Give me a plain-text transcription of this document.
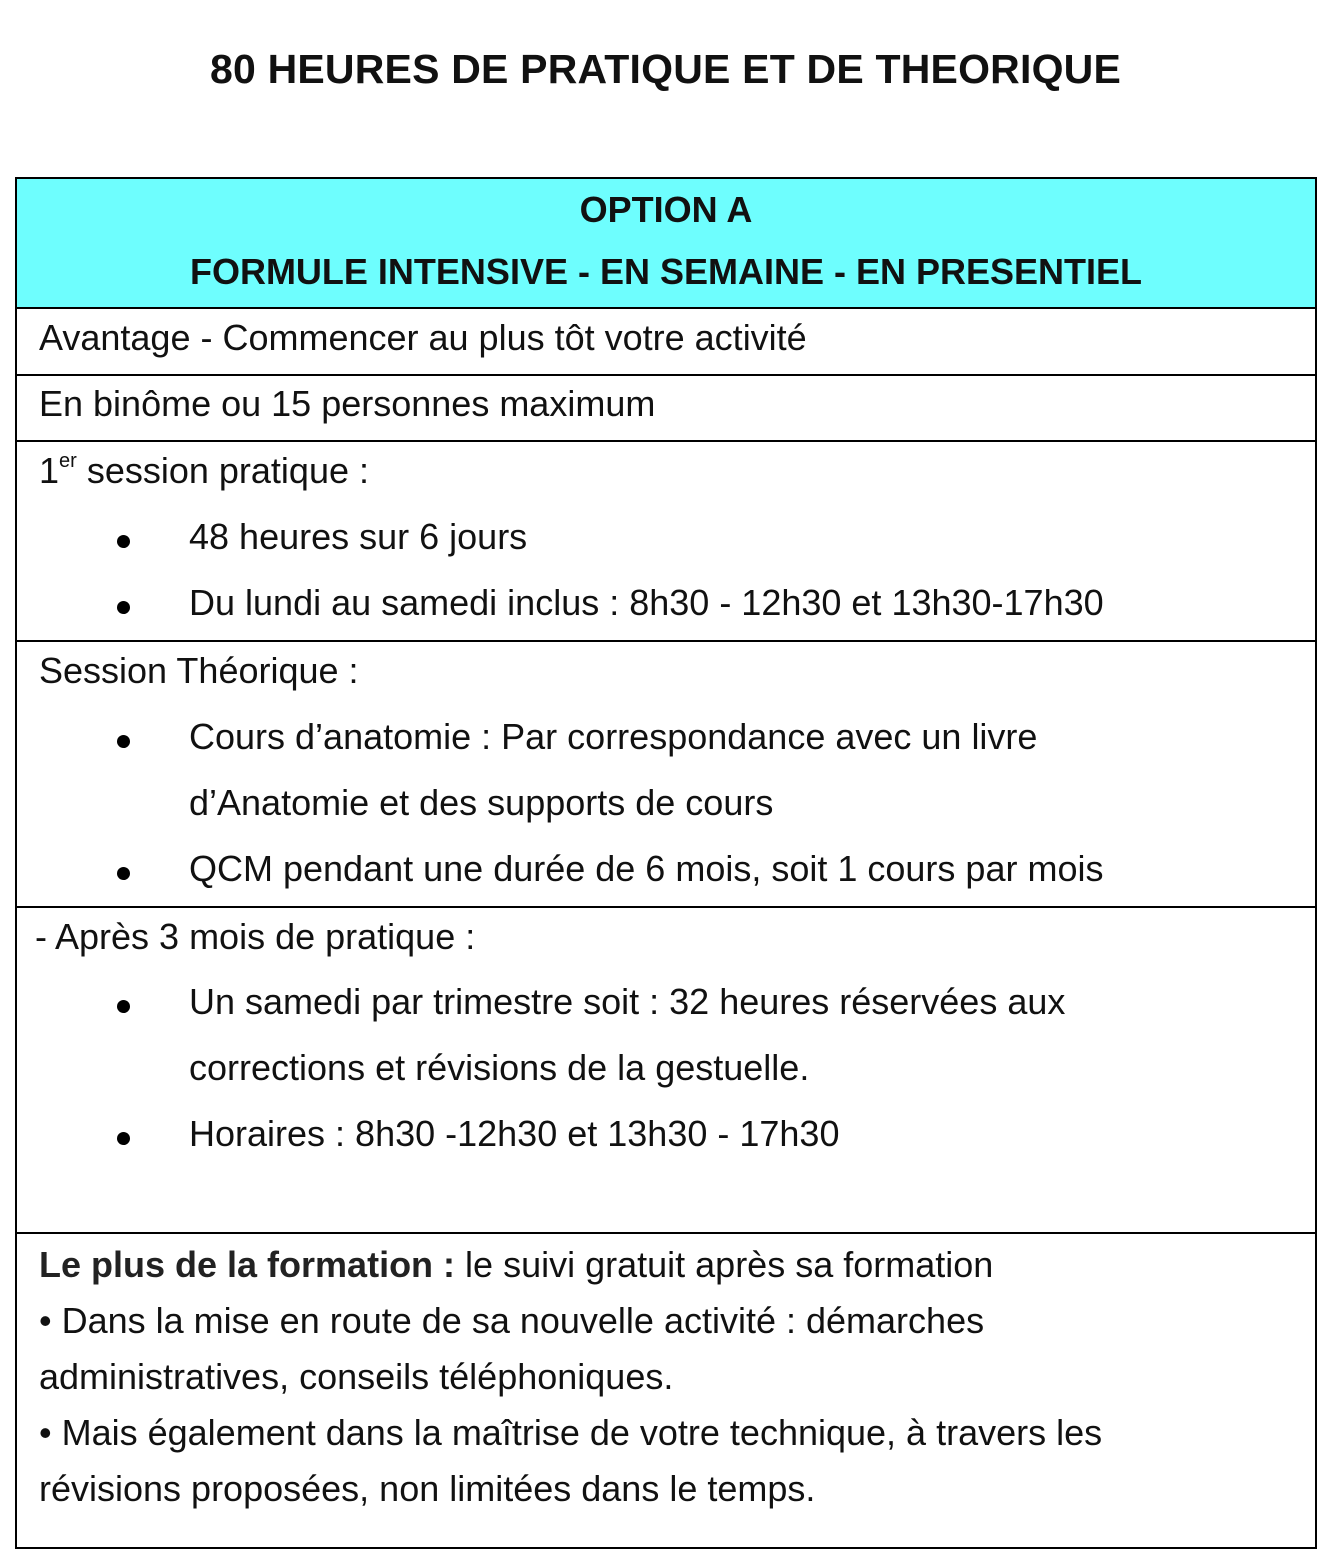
80 HEURES DE PRATIQUE ET DE THEORIQUE
OPTION A
FORMULE INTENSIVE - EN SEMAINE - EN PRESENTIEL
Avantage - Commencer au plus tôt votre activité
En binôme ou 15 personnes maximum
1er session pratique :
48 heures sur 6 jours
Du lundi au samedi inclus : 8h30 - 12h30 et 13h30-17h30
Session Théorique :
Cours d’anatomie : Par correspondance avec un livre
d’Anatomie et des supports de cours
QCM pendant une durée de 6 mois, soit 1 cours par mois
- Après 3 mois de pratique :
Un samedi par trimestre soit : 32 heures réservées aux
corrections et révisions de la gestuelle.
Horaires : 8h30 -12h30 et 13h30 - 17h30
Le plus de la formation : le suivi gratuit après sa formation
• Dans la mise en route de sa nouvelle activité : démarches
administratives, conseils téléphoniques.
• Mais également dans la maîtrise de votre technique, à travers les
révisions proposées, non limitées dans le temps.
